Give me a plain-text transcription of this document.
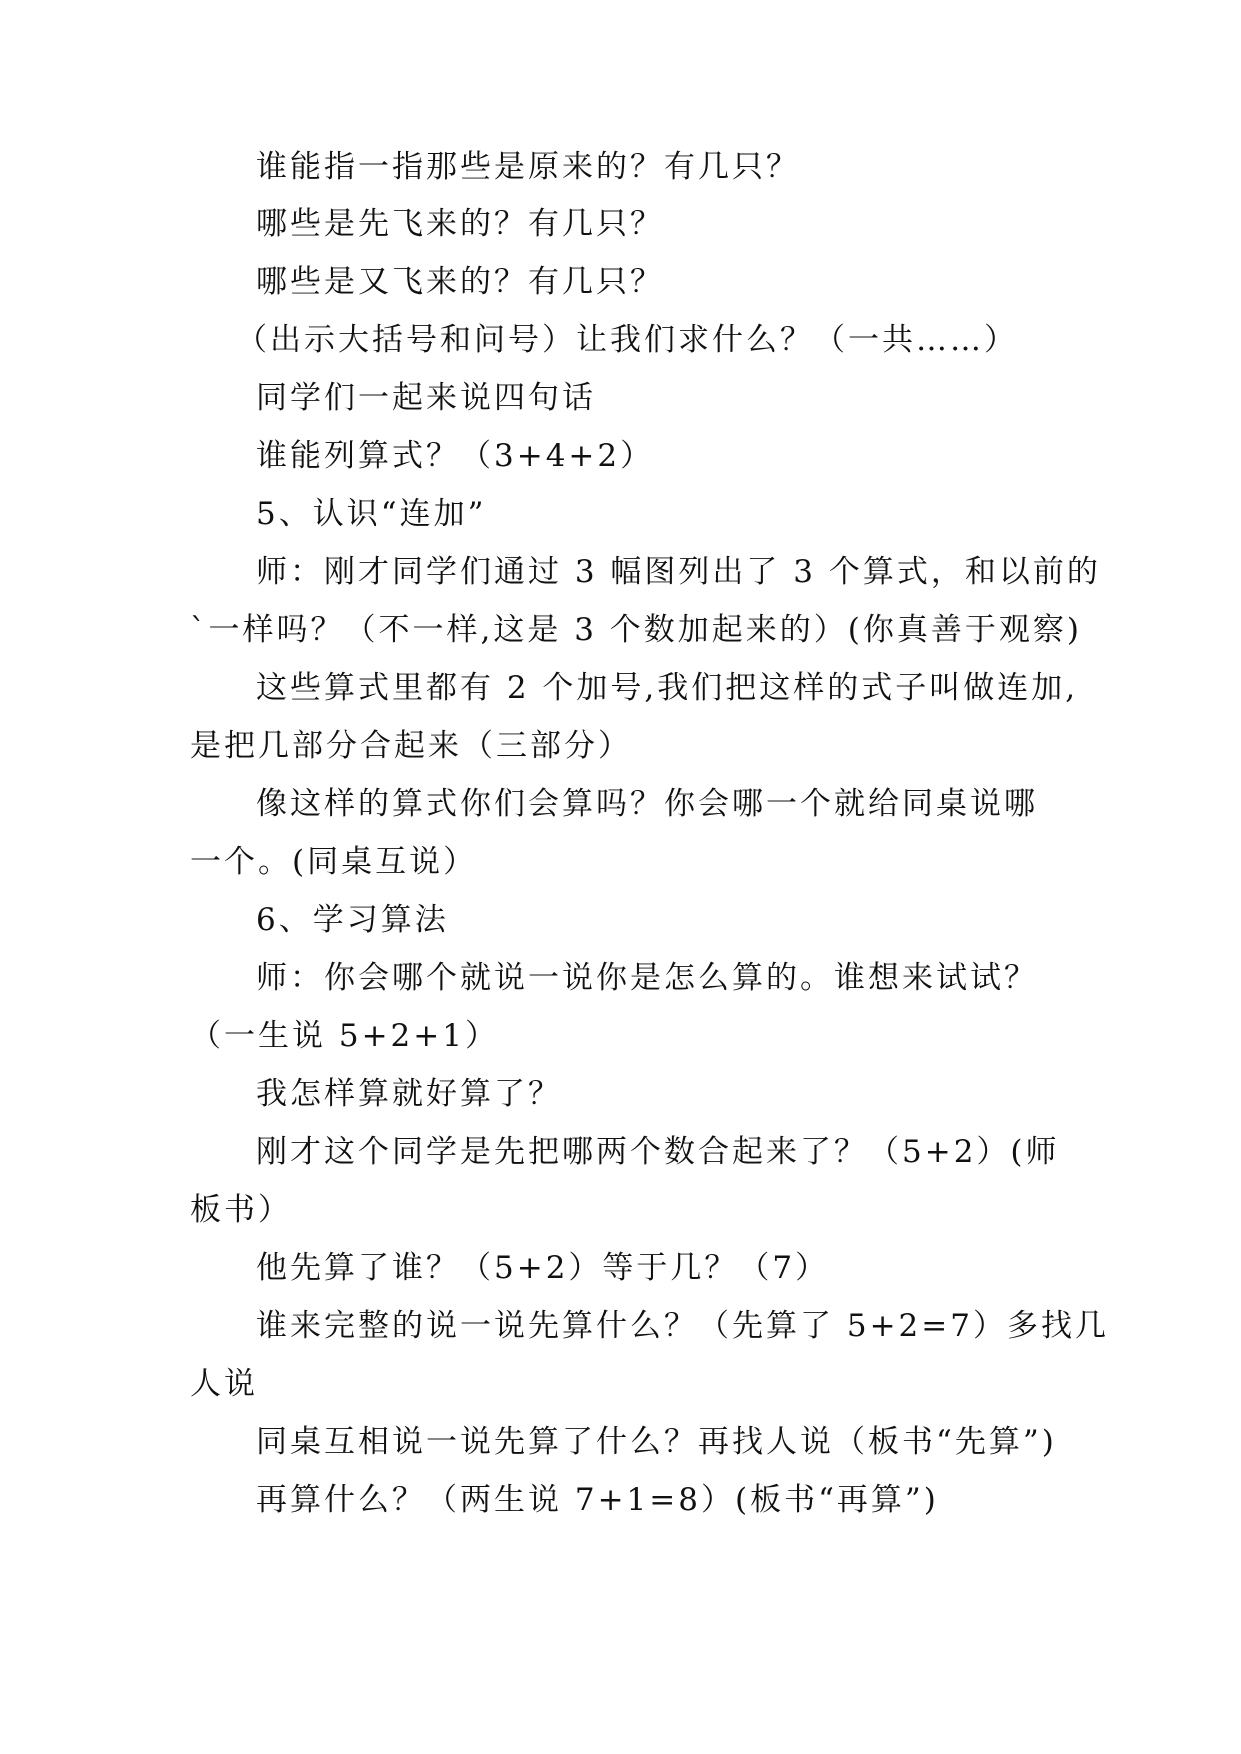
谁能指一指那些是原来的？有几只？
哪些是先飞来的？有几只？
哪些是又飞来的？有几只？
（出示大括号和问号）让我们求什么？（一共……）
同学们一起来说四句话
谁能列算式？（3+4+2）
5、认识“连加”
师：刚才同学们通过 3 幅图列出了 3 个算式，和以前的
`一样吗？（不一样,这是 3 个数加起来的）(你真善于观察)
这些算式里都有 2 个加号,我们把这样的式子叫做连加,
是把几部分合起来（三部分）
像这样的算式你们会算吗？你会哪一个就给同桌说哪
一个。(同桌互说）
6、学习算法
师：你会哪个就说一说你是怎么算的。谁想来试试？
（一生说 5+2+1）
我怎样算就好算了？
刚才这个同学是先把哪两个数合起来了？（5+2）(师
板书）
他先算了谁？（5+2）等于几？（7）
谁来完整的说一说先算什么？（先算了 5+2=7）多找几
人说
同桌互相说一说先算了什么？再找人说（板书“先算”)
再算什么？（两生说 7+1=8）(板书“再算”)
